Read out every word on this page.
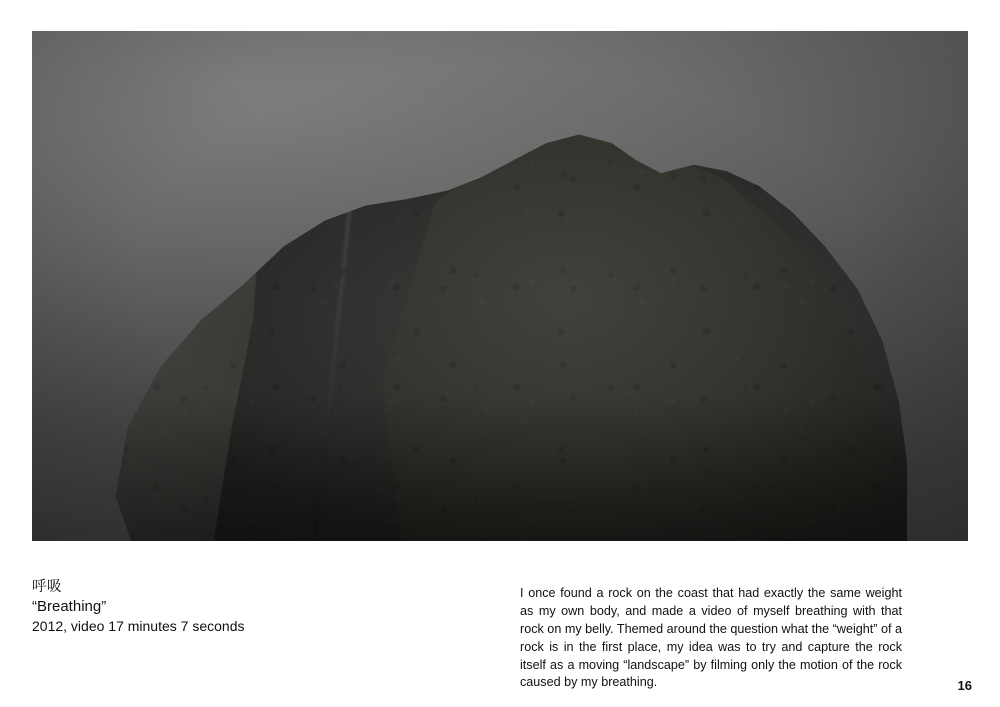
呼吸
“Breathing”
2012, video 17 minutes 7 seconds
I once found a rock on the coast that had exactly the same weight as my own body, and made a video of myself breathing with that rock on my belly. Themed around the question what the “weight” of a rock is in the first place, my idea was to try and capture the rock itself as a moving “landscape” by filming only the motion of the rock caused by my breathing.	16
